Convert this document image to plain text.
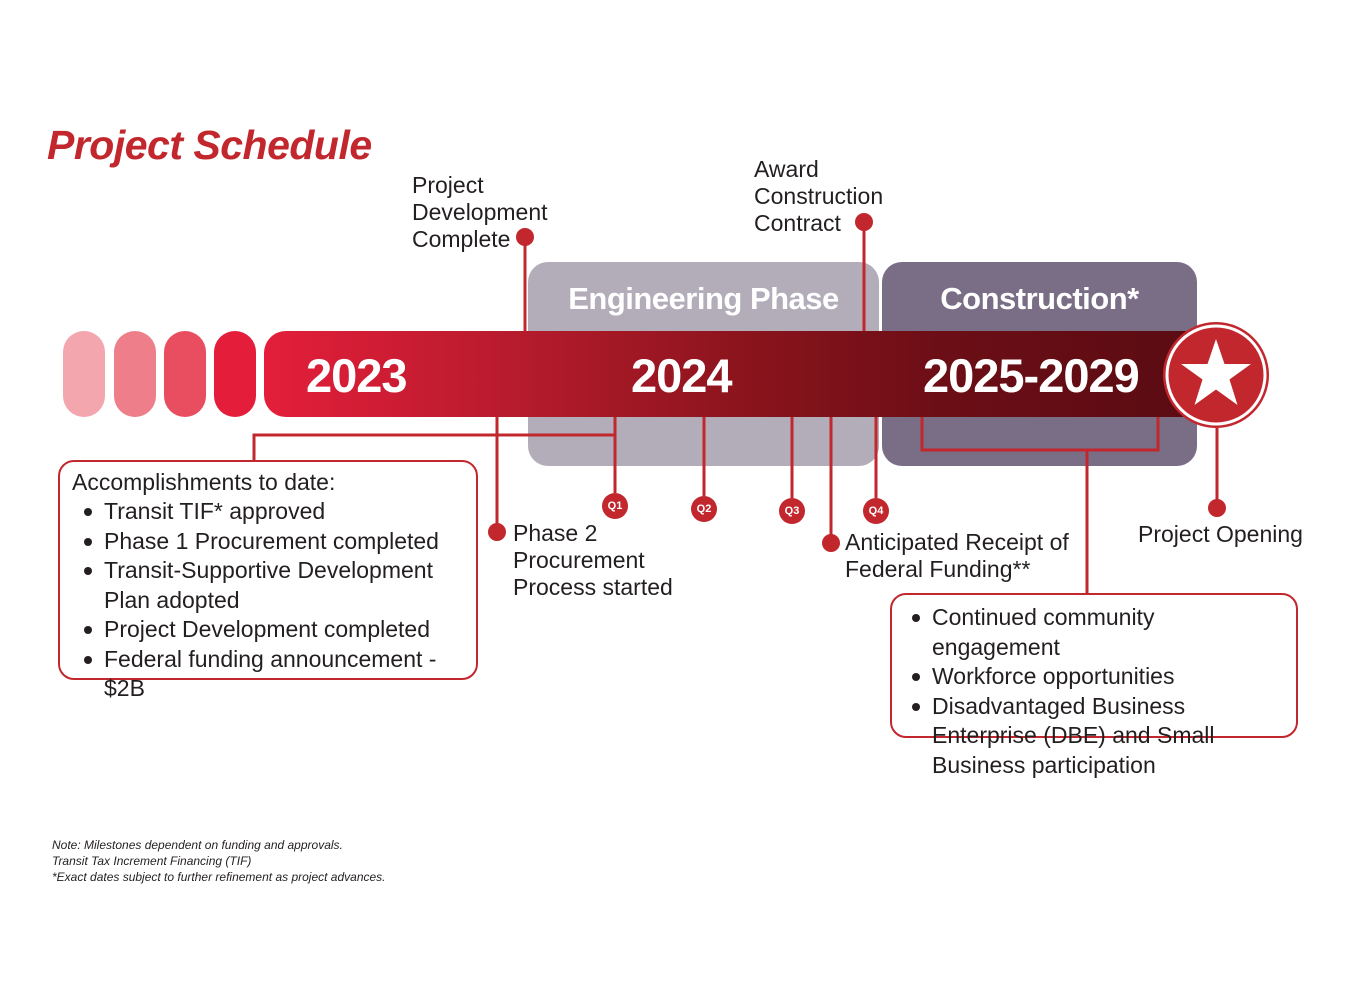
Project Schedule
Engineering Phase	Construction*
2023	2024	2025-2029
Q1	Q2	Q3	Q4
Project
Development
Complete
Award
Construction
Contract
Phase 2
Procurement
Process started
Anticipated Receipt of
Federal Funding**
Project Opening
Accomplishments to date:
Transit TIF* approved
Phase 1 Procurement completed
Transit-Supportive Development Plan adopted
Project Development completed
Federal funding announcement - $2B
Continued community engagement
Workforce opportunities
Disadvantaged Business Enterprise (DBE) and Small Business participation
Note: Milestones dependent on funding and approvals.
Transit Tax Increment Financing (TIF)
*Exact dates subject to further refinement as project advances.
